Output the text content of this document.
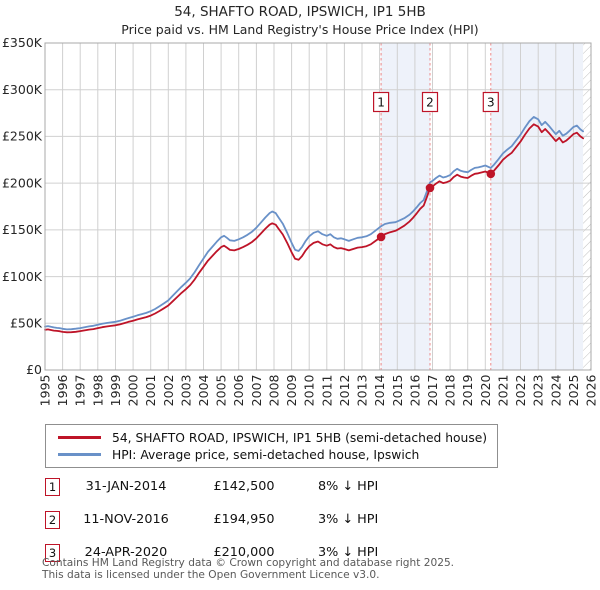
54, SHAFTO ROAD, IPSWICH, IP1 5HB
Price paid vs. HM Land Registry's House Price Index (HPI)
1	2	3
£0
£50K
£100K
£150K
£200K
£250K
£300K
£350K
1995 1996 1997 1998 1999 2000 2001 2002 2003 2004 2005 2006 2007 2008 2009 2010 2011 2012 2013 2014 2015 2016 2017 2018 2019 2020 2021 2022 2023 2024 2025 2026
54, SHAFTO ROAD, IPSWICH, IP1 5HB (semi-detached house)
HPI: Average price, semi-detached house, Ipswich
1	31-JAN-2014	£142,500	8% ↓ HPI
2	11-NOV-2016	£194,950	3% ↓ HPI
3	24-APR-2020	£210,000	3% ↓ HPI
Contains HM Land Registry data © Crown copyright and database right 2025.
This data is licensed under the Open Government Licence v3.0.
